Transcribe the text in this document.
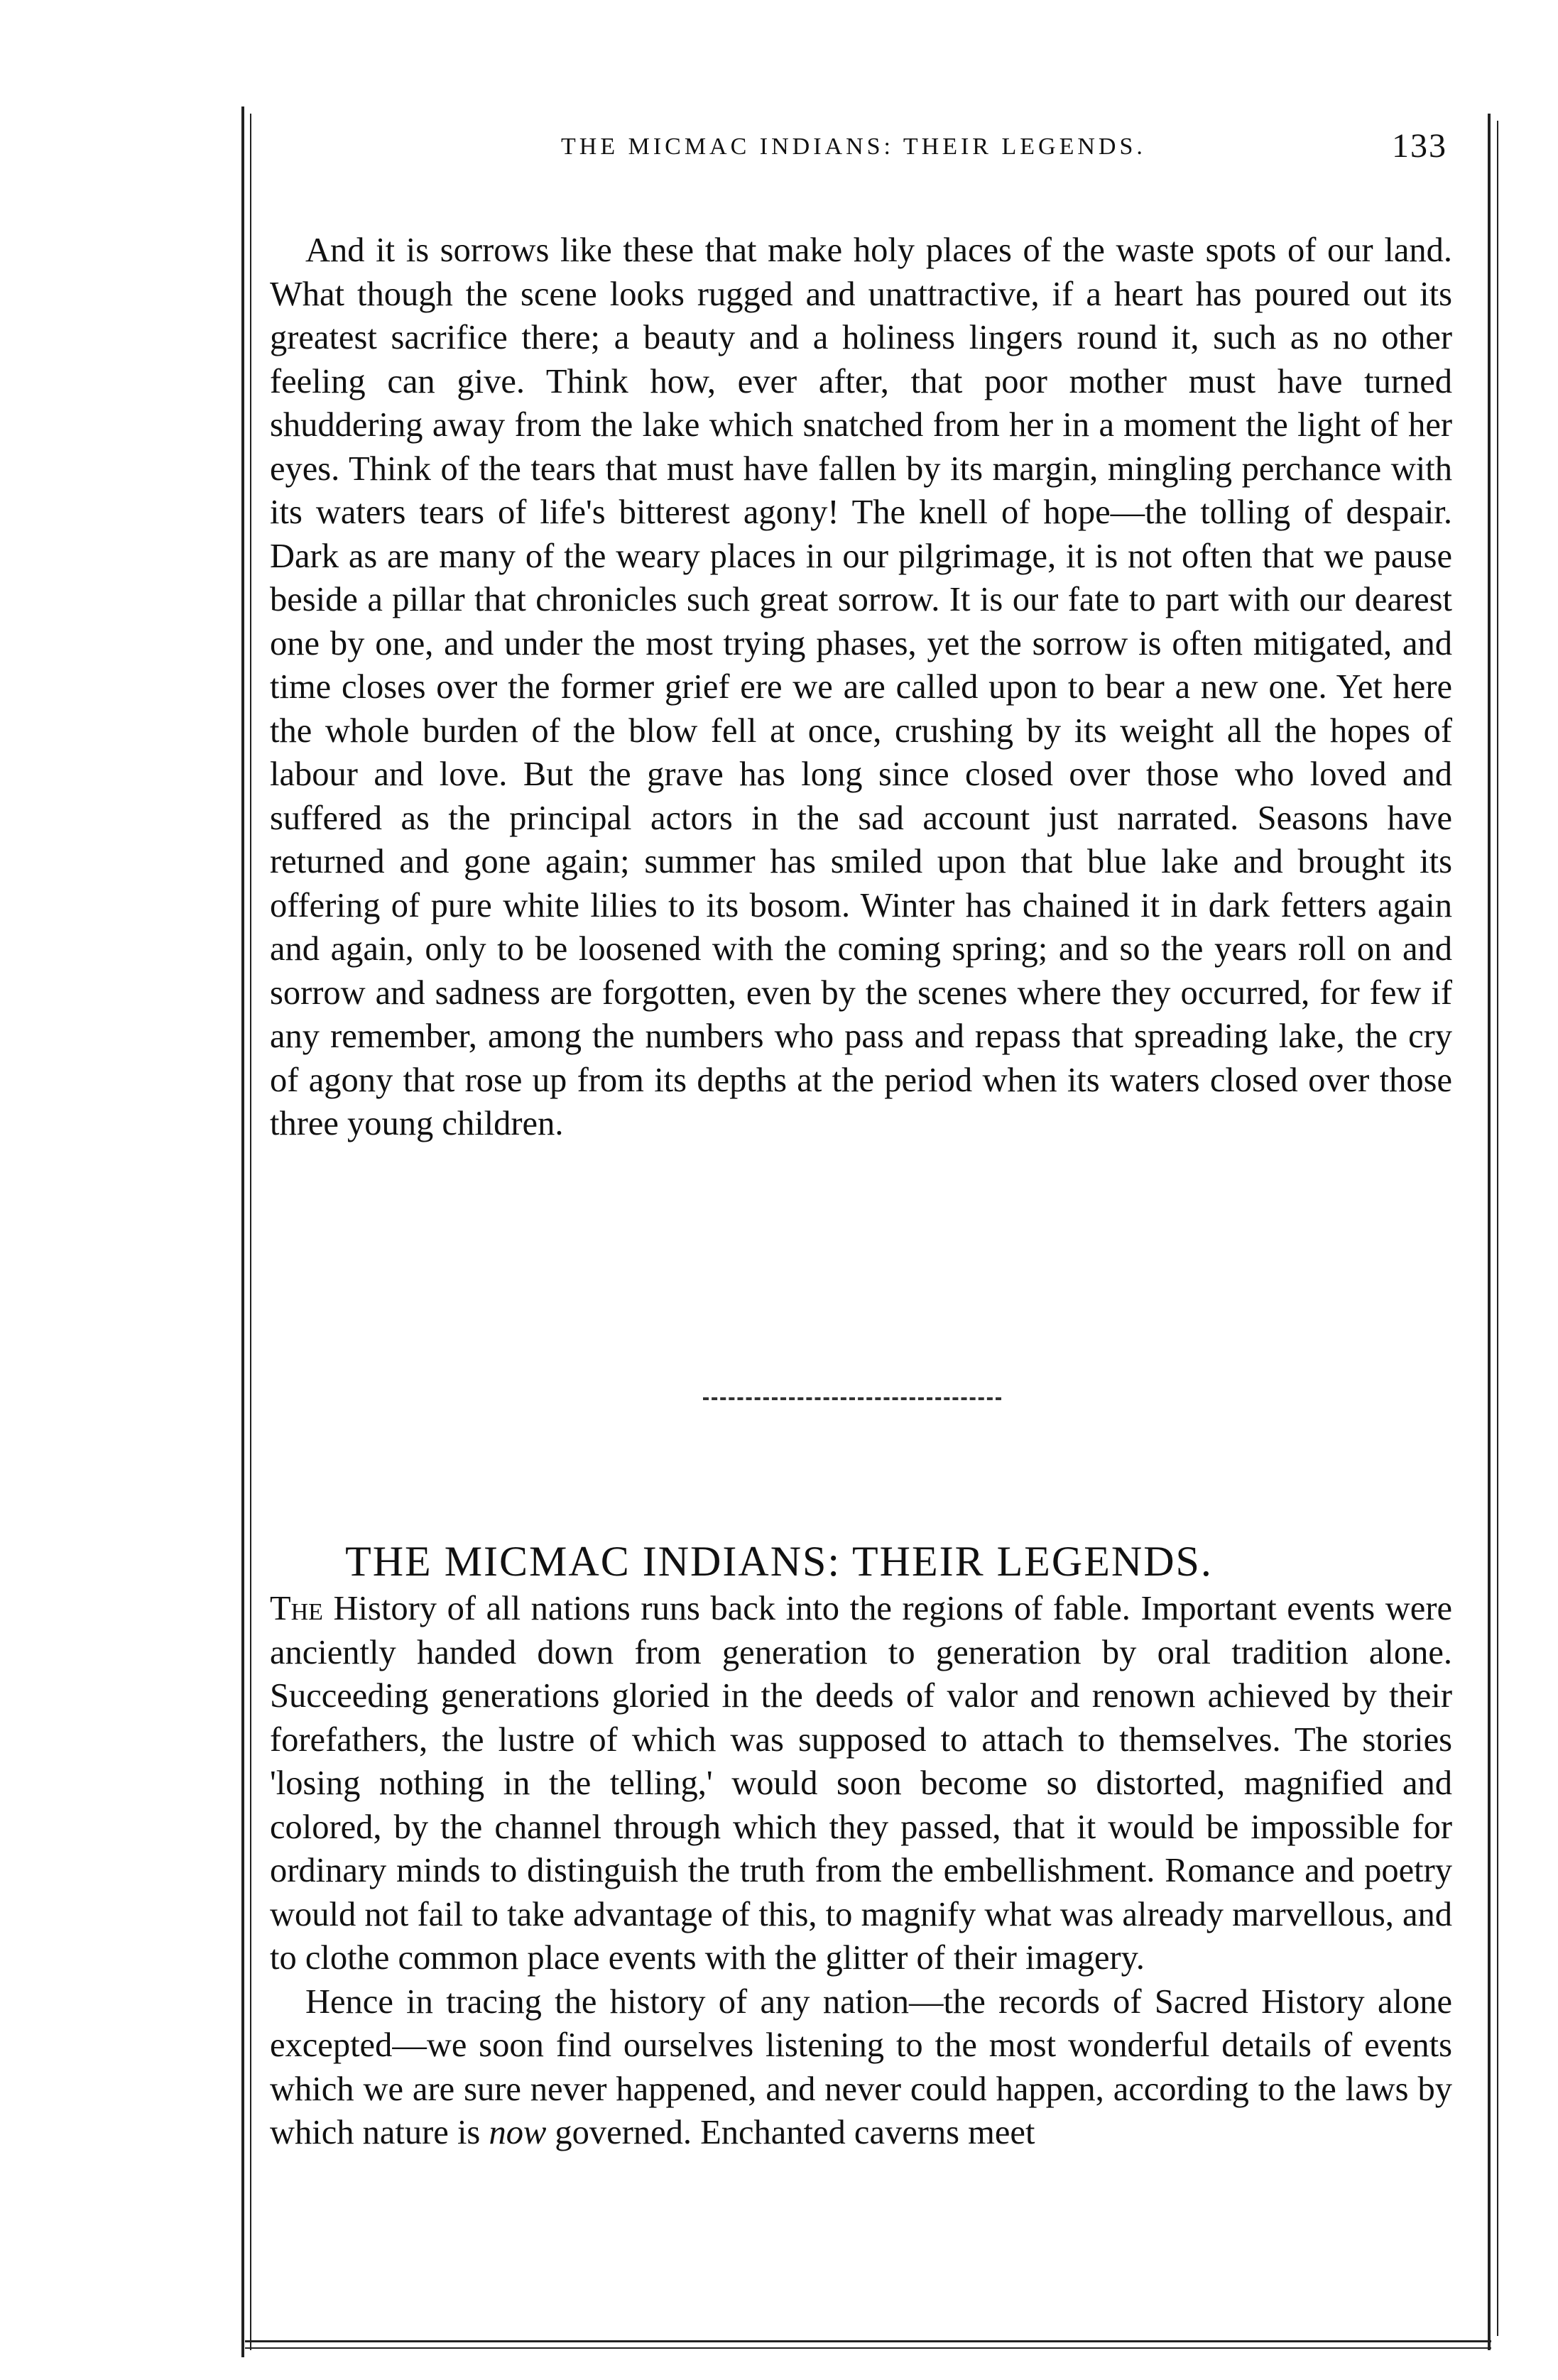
THE MICMAC INDIANS: THEIR LEGENDS.	133

And it is sorrows like these that make holy places of the waste spots of our land. What though the scene looks rugged and unattractive, if a heart has poured out its greatest sacrifice there; a beauty and a holiness lingers round it, such as no other feeling can give. Think how, ever after, that poor mother must have turned shuddering away from the lake which snatched from her in a moment the light of her eyes. Think of the tears that must have fallen by its margin, mingling perchance with its waters tears of life's bitterest agony! The knell of hope—the tolling of despair. Dark as are many of the weary places in our pilgrimage, it is not often that we pause beside a pillar that chronicles such great sorrow. It is our fate to part with our dearest one by one, and under the most trying phases, yet the sorrow is often mitigated, and time closes over the former grief ere we are called upon to bear a new one. Yet here the whole burden of the blow fell at once, crushing by its weight all the hopes of labour and love. But the grave has long since closed over those who loved and suffered as the principal actors in the sad account just narrated. Seasons have returned and gone again; summer has smiled upon that blue lake and brought its offering of pure white lilies to its bosom. Winter has chained it in dark fetters again and again, only to be loosened with the coming spring; and so the years roll on and sorrow and sadness are forgotten, even by the scenes where they occurred, for few if any remember, among the numbers who pass and repass that spreading lake, the cry of agony that rose up from its depths at the period when its waters closed over those three young children.

THE MICMAC INDIANS: THEIR LEGENDS.

The History of all nations runs back into the regions of fable. Important events were anciently handed down from generation to generation by oral tradition alone. Succeeding generations gloried in the deeds of valor and renown achieved by their forefathers, the lustre of which was supposed to attach to themselves. The stories 'losing nothing in the telling,' would soon become so distorted, magnified and colored, by the channel through which they passed, that it would be impossible for ordinary minds to distinguish the truth from the embellishment. Romance and poetry would not fail to take advantage of this, to magnify what was already marvellous, and to clothe common place events with the glitter of their imagery.

Hence in tracing the history of any nation—the records of Sacred History alone excepted—we soon find ourselves listening to the most wonderful details of events which we are sure never happened, and never could happen, according to the laws by which nature is now governed. Enchanted caverns meet
